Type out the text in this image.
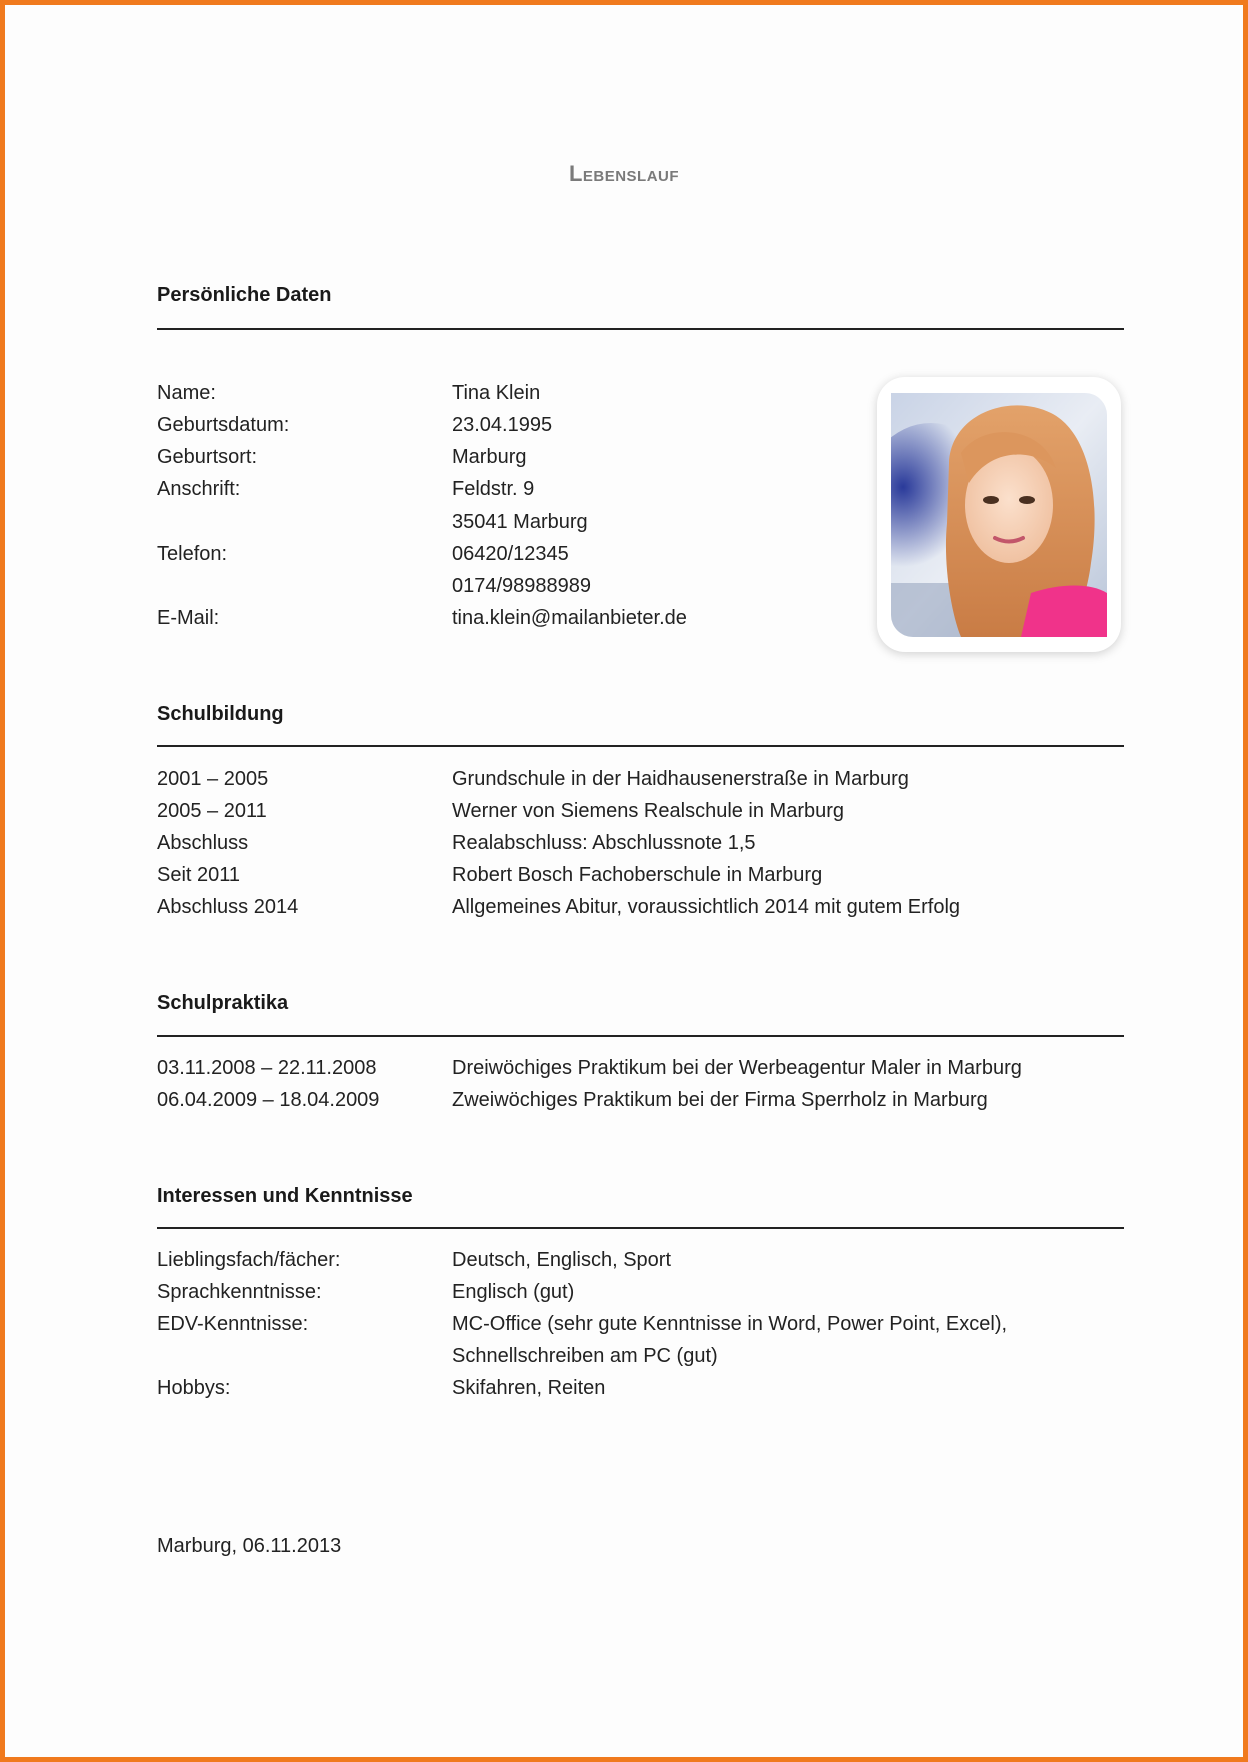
Lebenslauf
Persönliche Daten
Name:	Tina Klein
Geburtsdatum:	23.04.1995
Geburtsort:	Marburg
Anschrift:	Feldstr. 9
35041 Marburg
Telefon:	06420/12345
0174/98988989
E-Mail:	tina.klein@mailanbieter.de
Schulbildung
2001 – 2005	Grundschule in der Haidhausenerstraße in Marburg
2005 – 2011	Werner von Siemens Realschule in Marburg
Abschluss	Realabschluss: Abschlussnote 1,5
Seit 2011	Robert Bosch Fachoberschule in Marburg
Abschluss 2014	Allgemeines Abitur, voraussichtlich 2014 mit gutem Erfolg
Schulpraktika
03.11.2008 – 22.11.2008	Dreiwöchiges Praktikum bei der Werbeagentur Maler in Marburg
06.04.2009 – 18.04.2009	Zweiwöchiges Praktikum bei der Firma Sperrholz in Marburg
Interessen und Kenntnisse
Lieblingsfach/fächer:	Deutsch, Englisch, Sport
Sprachkenntnisse:	Englisch (gut)
EDV-Kenntnisse:	MC-Office (sehr gute Kenntnisse in Word, Power Point, Excel),
Schnellschreiben am PC (gut)
Hobbys:	Skifahren, Reiten
Marburg, 06.11.2013
